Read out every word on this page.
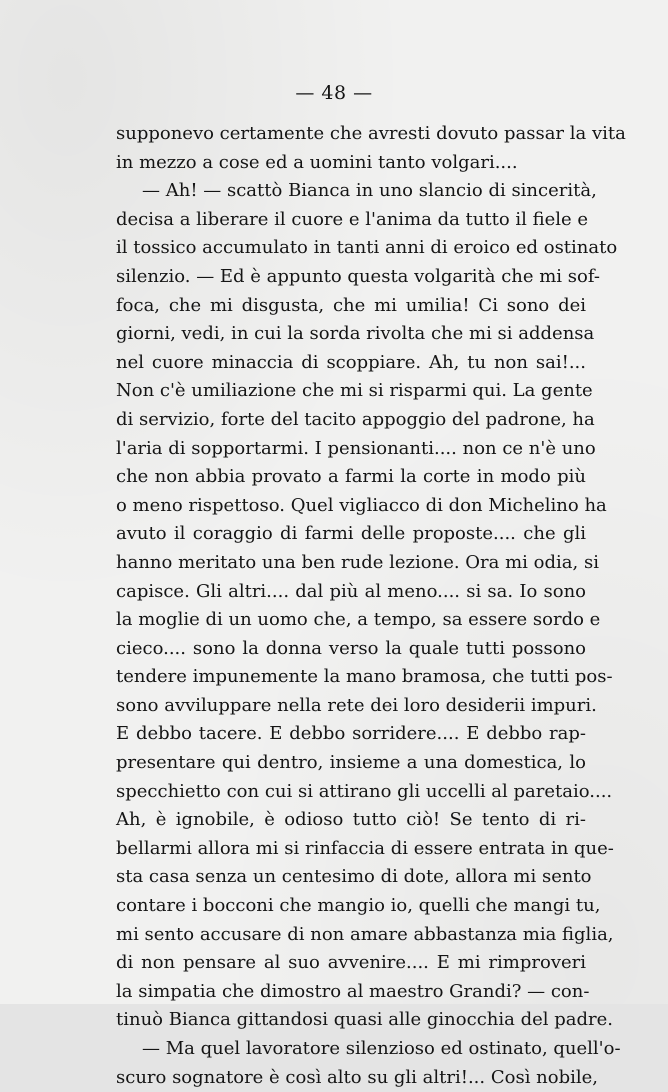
— 48 —
supponevo certamente che avresti dovuto passar la vita
in mezzo a cose ed a uomini tanto volgari....
— Ah! — scattò Bianca in uno slancio di sincerità,
decisa a liberare il cuore e l'anima da tutto il fiele e
il tossico accumulato in tanti anni di eroico ed ostinato
silenzio. — Ed è appunto questa volgarità che mi sof-
foca, che mi disgusta, che mi umilia! Ci sono dei
giorni, vedi, in cui la sorda rivolta che mi si addensa
nel cuore minaccia di scoppiare. Ah, tu non sai!...
Non c'è umiliazione che mi si risparmi qui. La gente
di servizio, forte del tacito appoggio del padrone, ha
l'aria di sopportarmi. I pensionanti.... non ce n'è uno
che non abbia provato a farmi la corte in modo più
o meno rispettoso. Quel vigliacco di don Michelino ha
avuto il coraggio di farmi delle proposte.... che gli
hanno meritato una ben rude lezione. Ora mi odia, si
capisce. Gli altri.... dal più al meno.... si sa. Io sono
la moglie di un uomo che, a tempo, sa essere sordo e
cieco.... sono la donna verso la quale tutti possono
tendere impunemente la mano bramosa, che tutti pos-
sono avviluppare nella rete dei loro desiderii impuri.
E debbo tacere. E debbo sorridere.... E debbo rap-
presentare qui dentro, insieme a una domestica, lo
specchietto con cui si attirano gli uccelli al paretaio....
Ah, è ignobile, è odioso tutto ciò! Se tento di ri-
bellarmi allora mi si rinfaccia di essere entrata in que-
sta casa senza un centesimo di dote, allora mi sento
contare i bocconi che mangio io, quelli che mangi tu,
mi sento accusare di non amare abbastanza mia figlia,
di non pensare al suo avvenire.... E mi rimproveri
la simpatia che dimostro al maestro Grandi? — con-
tinuò Bianca gittandosi quasi alle ginocchia del padre.
— Ma quel lavoratore silenzioso ed ostinato, quell'o-
scuro sognatore è così alto su gli altri!... Così nobile,
